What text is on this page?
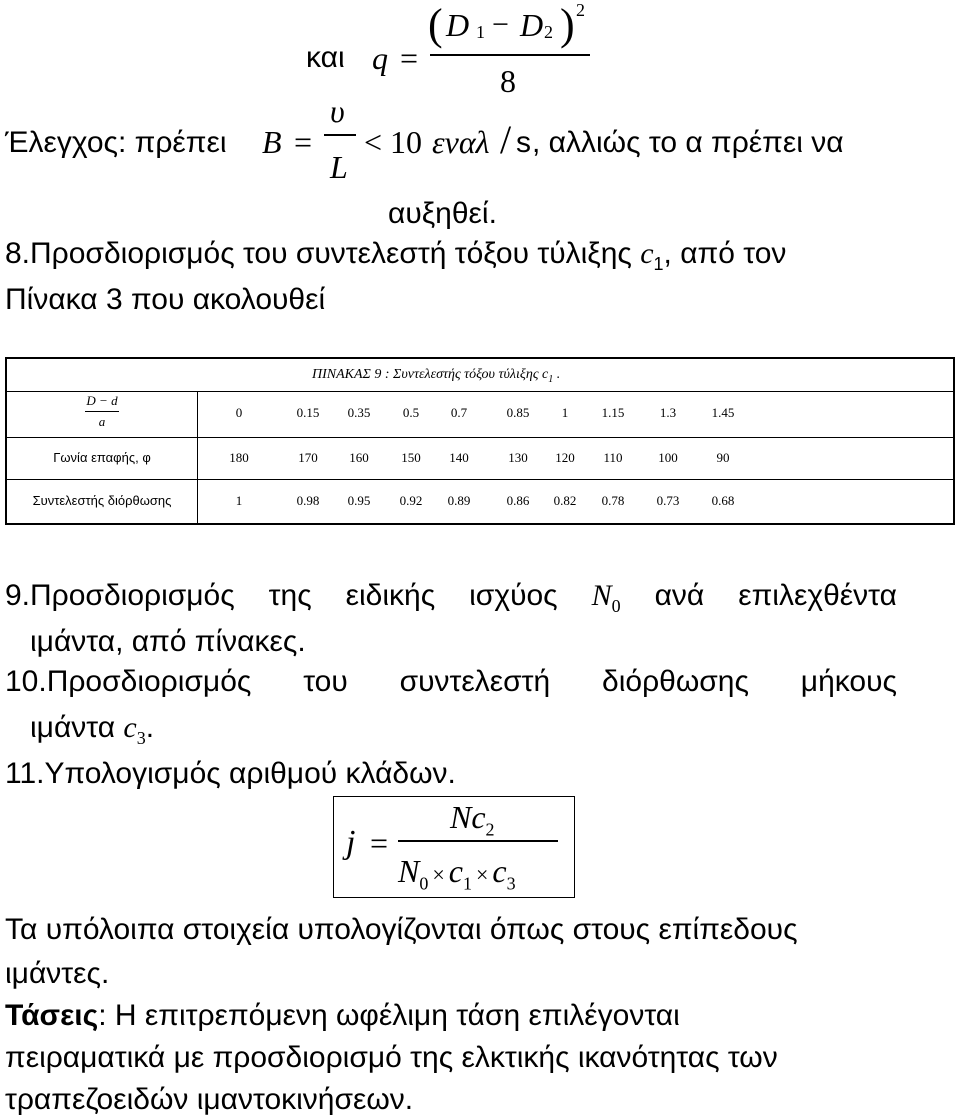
και q =
( D 1 − D 2 ) 2
8
Έλεγχος: πρέπει B =
υ
L
< 10 εναλ / s , αλλιώς το α πρέπει να
αυξηθεί.
8.Προσδιορισμός του συντελεστή τόξου τύλιξης $c_1$, από τον
Πίνακα 3 που ακολουθεί
ΠΙΝΑΚΑΣ 9 : Συντελεστής τόξου τύλιξης $c_1$ .
D − d
a
0	0.15	0.35	0.5	0.7	0.85	1	1.15	1.3	1.45
Γωνία επαφής, φ	180	170	160	150	140	130	120	110	100	90
Συντελεστής διόρθωσης	1	0.98	0.95	0.92	0.89	0.86	0.82	0.78	0.73	0.68
9.Προσδιορισμός της ειδικής ισχύος $N_0$ ανά επιλεχθέντα
ιμάντα, από πίνακες.
10.Προσδιορισμός του συντελεστή διόρθωσης μήκους
ιμάντα $c_3$.
11.Υπολογισμός αριθμού κλάδων.
j =
$Nc_2$
$N_0 \times c_1 \times c_3$
Τα υπόλοιπα στοιχεία υπολογίζονται όπως στους επίπεδους
ιμάντες.
Τάσεις: Η επιτρεπόμενη ωφέλιμη τάση επιλέγονται
πειραματικά με προσδιορισμό της ελκτικής ικανότητας των
τραπεζοειδών ιμαντοκινήσεων.
